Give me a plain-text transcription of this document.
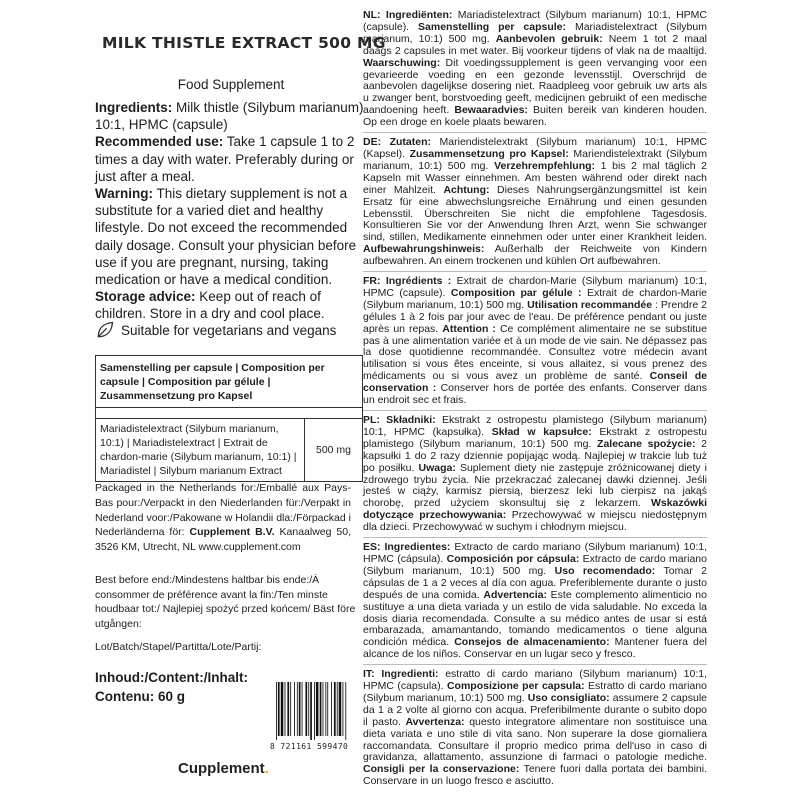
MILK THISTLE EXTRACT 500 MG
Food Supplement

Ingredients: Milk thistle (Silybum marianum) 10:1, HPMC (capsule)

Recommended use: Take 1 capsule 1 to 2 times a day with water. Preferably during or just after a meal.

Warning: This dietary supplement is not a substitute for a varied diet and healthy lifestyle. Do not exceed the recommended daily dosage. Consult your physician before use if you are pregnant, nursing, taking medication or have a medical condition.

Storage advice: Keep out of reach of children. Store in a dry and cool place.

Suitable for vegetarians and vegans
Samenstelling per capsule | Composition per capsule | Composition par gélule | Zusammensetzung pro Kapsel
Mariadistelextract (Silybum marianum, 10:1) | Mariadistelextract | Extrait de chardon-marie (Silybum marianum, 10:1) | Mariadistel | Silybum marianum Extract
500 mg
Packaged in the Netherlands for:/Emballé aux Pays-Bas pour:/Verpackt in den Niederlanden für:/Verpakt in Nederland voor:/Pakowane w Holandii dla:/Förpackad i Nederländerna för: Cupplement B.V. Kanaalweg 50, 3526 KM, Utrecht, NL www.cupplement.com
Best before end:/Mindestens haltbar bis ende:/À consommer de préférence avant la fin:/Ten minste houdbaar tot:/ Najlepiej spożyć przed końcem/ Bäst före utgången:
Lot/Batch/Stapel/Partitta/Lote/Partij:
Inhoud:/Content:/Inhalt:
Contenu: 60 g
8 721161 599470
Cupplement.
NL: Ingrediënten: Mariadistelextract (Silybum marianum) 10:1, HPMC (capsule). Samenstelling per capsule: Mariadistelextract (Silybum marianum, 10:1) 500 mg. Aanbevolen gebruik: Neem 1 tot 2 maal daags 2 capsules in met water. Bij voorkeur tijdens of vlak na de maaltijd. Waarschuwing: Dit voedingssupplement is geen vervanging voor een gevarieerde voeding en een gezonde levensstijl. Overschrijd de aanbevolen dagelijkse dosering niet. Raadpleeg voor gebruik uw arts als u zwanger bent, borstvoeding geeft, medicijnen gebruikt of een medische aandoening heeft. Bewaaradvies: Buiten bereik van kinderen houden. Op een droge en koele plaats bewaren.
DE: Zutaten: Mariendistelextrakt (Silybum marianum) 10:1, HPMC (Kapsel). Zusammensetzung pro Kapsel: Mariendistelextrakt (Silybum marianum, 10:1) 500 mg. Verzehrempfehlung: 1 bis 2 mal täglich 2 Kapseln mit Wasser einnehmen. Am besten während oder direkt nach einer Mahlzeit. Achtung: Dieses Nahrungsergänzungsmittel ist kein Ersatz für eine abwechslungsreiche Ernährung und einen gesunden Lebensstil. Überschreiten Sie nicht die empfohlene Tagesdosis. Konsultieren Sie vor der Anwendung Ihren Arzt, wenn Sie schwanger sind, stillen, Medikamente einnehmen oder unter einer Krankheit leiden. Aufbewahrungshinweis: Außerhalb der Reichweite von Kindern aufbewahren. An einem trockenen und kühlen Ort aufbewahren.
FR: Ingrédients : Extrait de chardon-Marie (Silybum marianum) 10:1, HPMC (capsule). Composition par gélule : Extrait de chardon-Marie (Silybum marianum, 10:1) 500 mg. Utilisation recommandée : Prendre 2 gélules 1 à 2 fois par jour avec de l'eau. De préférence pendant ou juste après un repas. Attention : Ce complément alimentaire ne se substitue pas à une alimentation variée et à un mode de vie sain. Ne dépassez pas la dose quotidienne recommandée. Consultez votre médecin avant utilisation si vous êtes enceinte, si vous allaitez, si vous prenez des médicaments ou si vous avez un problème de santé. Conseil de conservation : Conserver hors de portée des enfants. Conserver dans un endroit sec et frais.
PL: Składniki: Ekstrakt z ostropestu plamistego (Silybum marianum) 10:1, HPMC (kapsułka). Skład w kapsułce: Ekstrakt z ostropestu plamistego (Silybum marianum, 10:1) 500 mg. Zalecane spożycie: 2 kapsułki 1 do 2 razy dziennie popijając wodą. Najlepiej w trakcie lub tuż po posiłku. Uwaga: Suplement diety nie zastępuje zróżnicowanej diety i zdrowego trybu życia. Nie przekraczać zalecanej dawki dziennej. Jeśli jesteś w ciąży, karmisz piersią, bierzesz leki lub cierpisz na jakąś chorobę, przed użyciem skonsultuj się z lekarzem. Wskazówki dotyczące przechowywania: Przechowywać w miejscu niedostępnym dla dzieci. Przechowywać w suchym i chłodnym miejscu.
ES: Ingredientes: Extracto de cardo mariano (Silybum marianum) 10:1, HPMC (cápsula). Composición por cápsula: Extracto de cardo mariano (Silybum marianum, 10:1) 500 mg. Uso recomendado: Tomar 2 cápsulas de 1 a 2 veces al día con agua. Preferiblemente durante o justo después de una comida. Advertencia: Este complemento alimenticio no sustituye a una dieta variada y un estilo de vida saludable. No exceda la dosis diaria recomendada. Consulte a su médico antes de usar si está embarazada, amamantando, tomando medicamentos o tiene alguna condición médica. Consejos de almacenamiento: Mantener fuera del alcance de los niños. Conservar en un lugar seco y fresco.
IT: Ingredienti: estratto di cardo mariano (Silybum marianum) 10:1, HPMC (capsula). Composizione per capsula: Estratto di cardo mariano (Silybum marianum, 10:1) 500 mg. Uso consigliato: assumere 2 capsule da 1 a 2 volte al giorno con acqua. Preferibilmente durante o subito dopo il pasto. Avvertenza: questo integratore alimentare non sostituisce una dieta variata e uno stile di vita sano. Non superare la dose giornaliera raccomandata. Consultare il proprio medico prima dell'uso in caso di gravidanza, allattamento, assunzione di farmaci o patologie mediche. Consigli per la conservazione: Tenere fuori dalla portata dei bambini. Conservare in un luogo fresco e asciutto.
